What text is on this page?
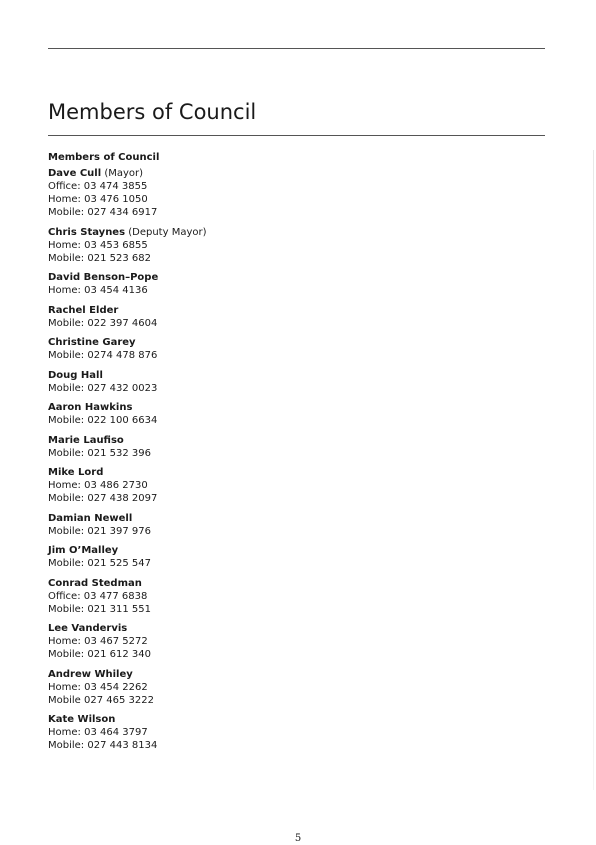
Members of Council
Members of Council
Dave Cull (Mayor)
Office: 03 474 3855
Home: 03 476 1050
Mobile: 027 434 6917
Chris Staynes (Deputy Mayor)
Home: 03 453 6855
Mobile: 021 523 682
David Benson–Pope
Home: 03 454 4136
Rachel Elder
Mobile: 022 397 4604
Christine Garey
Mobile: 0274 478 876
Doug Hall
Mobile: 027 432 0023
Aaron Hawkins
Mobile: 022 100 6634
Marie Laufiso
Mobile: 021 532 396
Mike Lord
Home: 03 486 2730
Mobile: 027 438 2097
Damian Newell
Mobile: 021 397 976
Jim O’Malley
Mobile: 021 525 547
Conrad Stedman
Office: 03 477 6838
Mobile: 021 311 551
Lee Vandervis
Home: 03 467 5272
Mobile: 021 612 340
Andrew Whiley
Home: 03 454 2262
Mobile 027 465 3222
Kate Wilson
Home: 03 464 3797
Mobile: 027 443 8134
5
